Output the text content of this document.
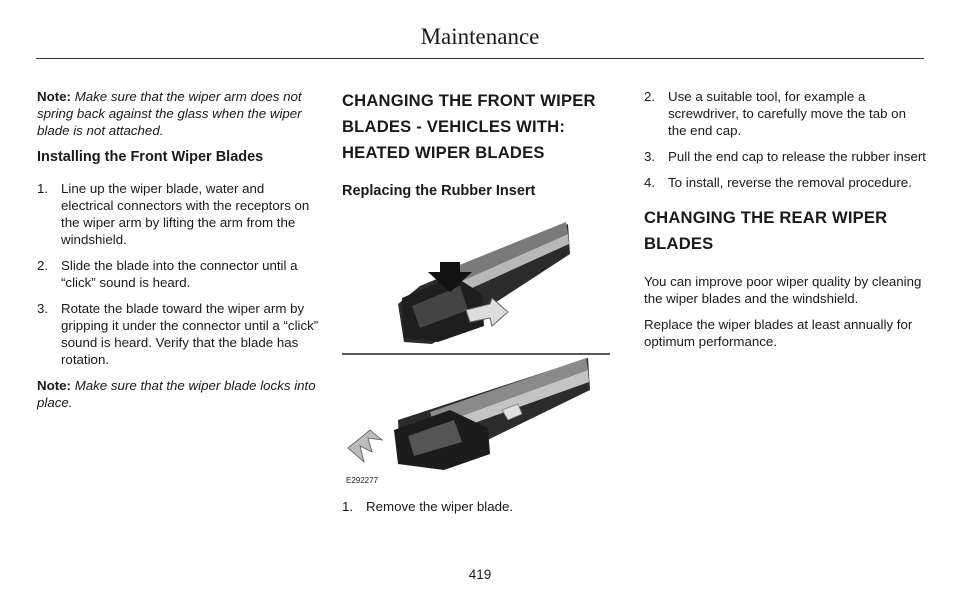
Maintenance

Note: Make sure that the wiper arm does not spring back against the glass when the wiper blade is not attached.

Installing the Front Wiper Blades
1. Line up the wiper blade, water and electrical connectors with the receptors on the wiper arm by lifting the arm from the windshield.
2. Slide the blade into the connector until a “click” sound is heard.
3. Rotate the blade toward the wiper arm by gripping it under the connector until a “click” sound is heard. Verify that the blade has rotation.

Note: Make sure that the wiper blade locks into place.

CHANGING THE FRONT WIPER BLADES - VEHICLES WITH: HEATED WIPER BLADES
Replacing the Rubber Insert
E292277
1. Remove the wiper blade.
2. Use a suitable tool, for example a screwdriver, to carefully move the tab on the end cap.
3. Pull the end cap to release the rubber insert
4. To install, reverse the removal procedure.
CHANGING THE REAR WIPER BLADES

You can improve poor wiper quality by cleaning the wiper blades and the windshield.

Replace the wiper blades at least annually for optimum performance.

419
